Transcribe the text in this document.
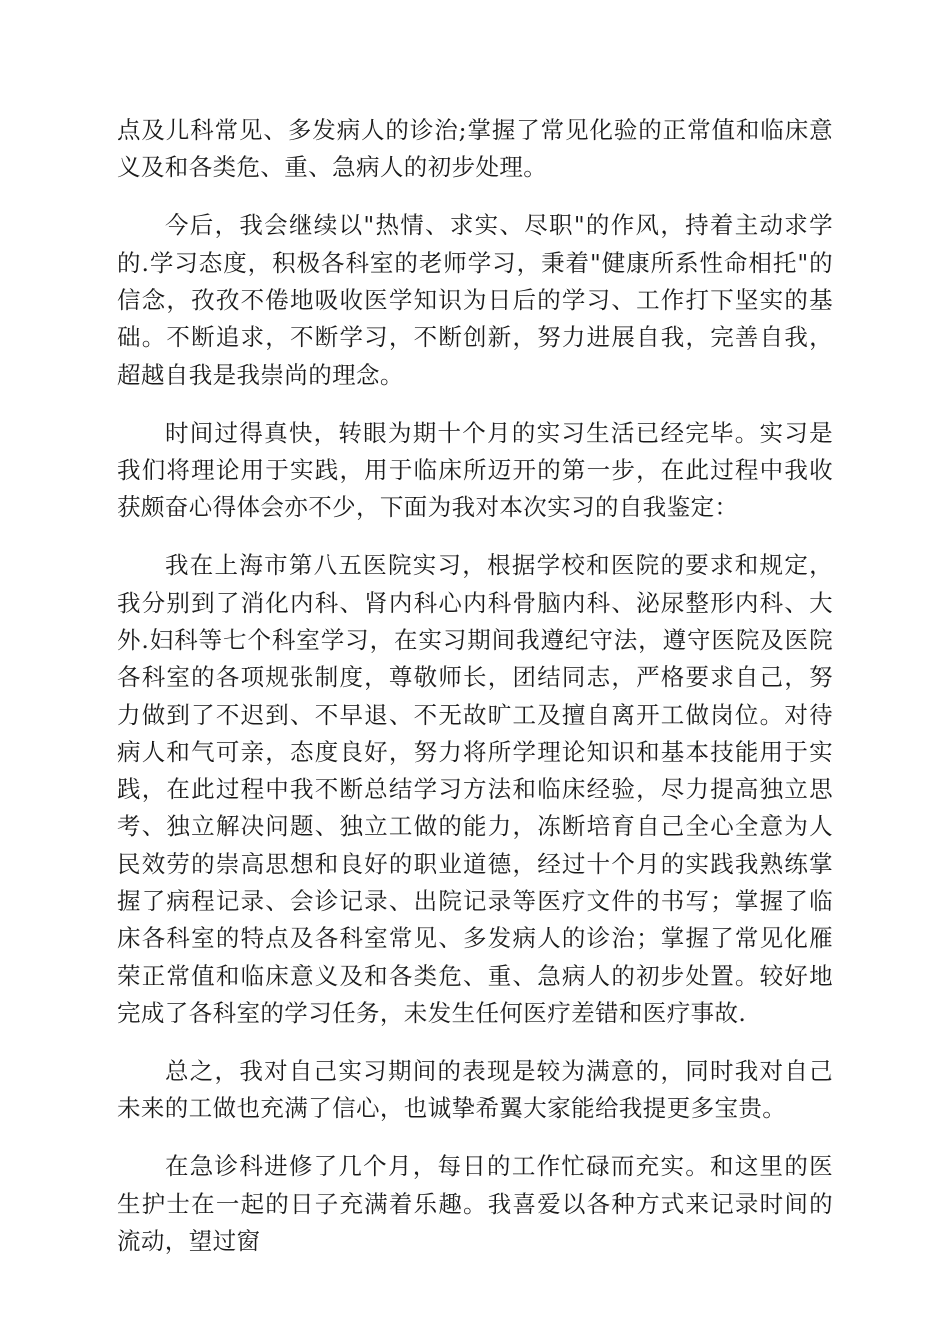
点及儿科常见、多发病人的诊治;掌握了常见化验的正常值和临床意义及和各类危、重、急病人的初步处理。

今后，我会继续以"热情、求实、尽职"的作风，持着主动求学的.学习态度，积极各科室的老师学习，秉着"健康所系性命相托"的信念，孜孜不倦地吸收医学知识为日后的学习、工作打下坚实的基础。不断追求，不断学习，不断创新，努力进展自我，完善自我，超越自我是我崇尚的理念。

时间过得真快，转眼为期十个月的实习生活已经完毕。实习是我们将理论用于实践，用于临床所迈开的第一步，在此过程中我收获颇奋心得体会亦不少，下面为我对本次实习的自我鉴定：

我在上海市第八五医院实习，根据学校和医院的要求和规定，我分别到了消化内科、肾内科心内科骨脑内科、泌尿整形内科、大外.妇科等七个科室学习，在实习期间我遵纪守法，遵守医院及医院各科室的各项规张制度，尊敬师长，团结同志，严格要求自己，努力做到了不迟到、不早退、不无故旷工及擅自离开工做岗位。对待病人和气可亲，态度良好，努力将所学理论知识和基本技能用于实践，在此过程中我不断总结学习方法和临床经验，尽力提高独立思考、独立解决问题、独立工做的能力，冻断培育自己全心全意为人民效劳的崇高思想和良好的职业道德，经过十个月的实践我熟练掌握了病程记录、会诊记录、出院记录等医疗文件的书写；掌握了临床各科室的特点及各科室常见、多发病人的诊治；掌握了常见化雁荣正常值和临床意义及和各类危、重、急病人的初步处置。较好地完成了各科室的学习任务，未发生任何医疗差错和医疗事故.

总之，我对自己实习期间的表现是较为满意的，同时我对自己未来的工做也充满了信心，也诚挚希翼大家能给我提更多宝贵。

在急诊科进修了几个月，每日的工作忙碌而充实。和这里的医生护士在一起的日子充满着乐趣。我喜爱以各种方式来记录时间的流动，望过窗
